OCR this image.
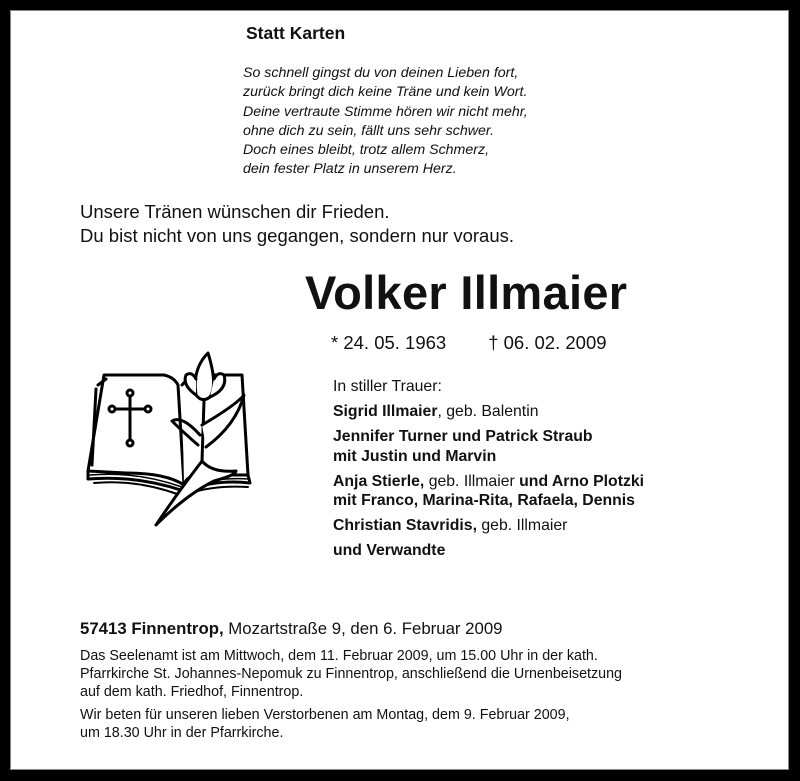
Statt Karten
So schnell gingst du von deinen Lieben fort,
zurück bringt dich keine Träne und kein Wort.
Deine vertraute Stimme hören wir nicht mehr,
ohne dich zu sein, fällt uns sehr schwer.
Doch eines bleibt, trotz allem Schmerz,
dein fester Platz in unserem Herz.
Unsere Tränen wünschen dir Frieden.
Du bist nicht von uns gegangen, sondern nur voraus.
Volker Illmaier
* 24. 05. 1963 † 06. 02. 2009
In stiller Trauer:
Sigrid Illmaier, geb. Balentin
Jennifer Turner und Patrick Straub
mit Justin und Marvin
Anja Stierle, geb. Illmaier und Arno Plotzki
mit Franco, Marina-Rita, Rafaela, Dennis
Christian Stavridis, geb. Illmaier
und Verwandte
57413 Finnentrop, Mozartstraße 9, den 6. Februar 2009

Das Seelenamt ist am Mittwoch, dem 11. Februar 2009, um 15.00 Uhr in der kath.
Pfarrkirche St. Johannes-Nepomuk zu Finnentrop, anschließend die Urnenbeisetzung
auf dem kath. Friedhof, Finnentrop.

Wir beten für unseren lieben Verstorbenen am Montag, dem 9. Februar 2009,
um 18.30 Uhr in der Pfarrkirche.
